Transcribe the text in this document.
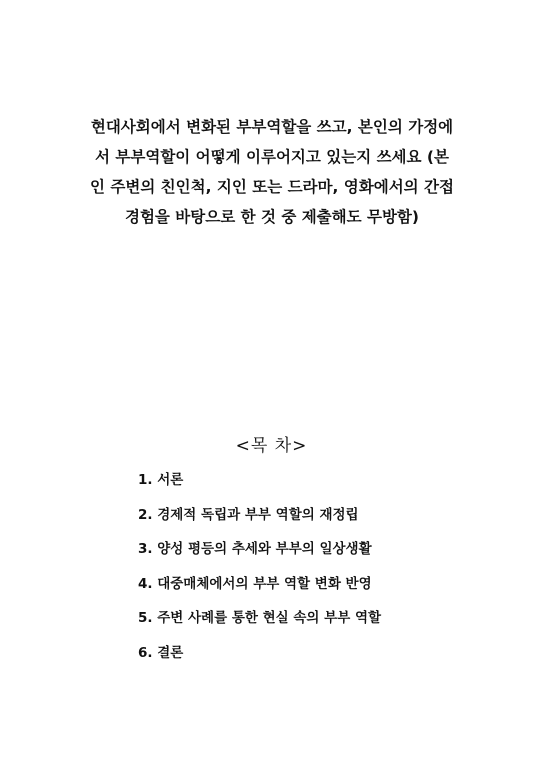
현대사회에서 변화된 부부역할을 쓰고, 본인의 가정에
서 부부역할이 어떻게 이루어지고 있는지 쓰세요 (본
인 주변의 친인척, 지인 또는 드라마, 영화에서의 간접
경험을 바탕으로 한 것 중 제출해도 무방함)
<목 차>
1. 서론
2. 경제적 독립과 부부 역할의 재정립
3. 양성 평등의 추세와 부부의 일상생활
4. 대중매체에서의 부부 역할 변화 반영
5. 주변 사례를 통한 현실 속의 부부 역할
6. 결론
